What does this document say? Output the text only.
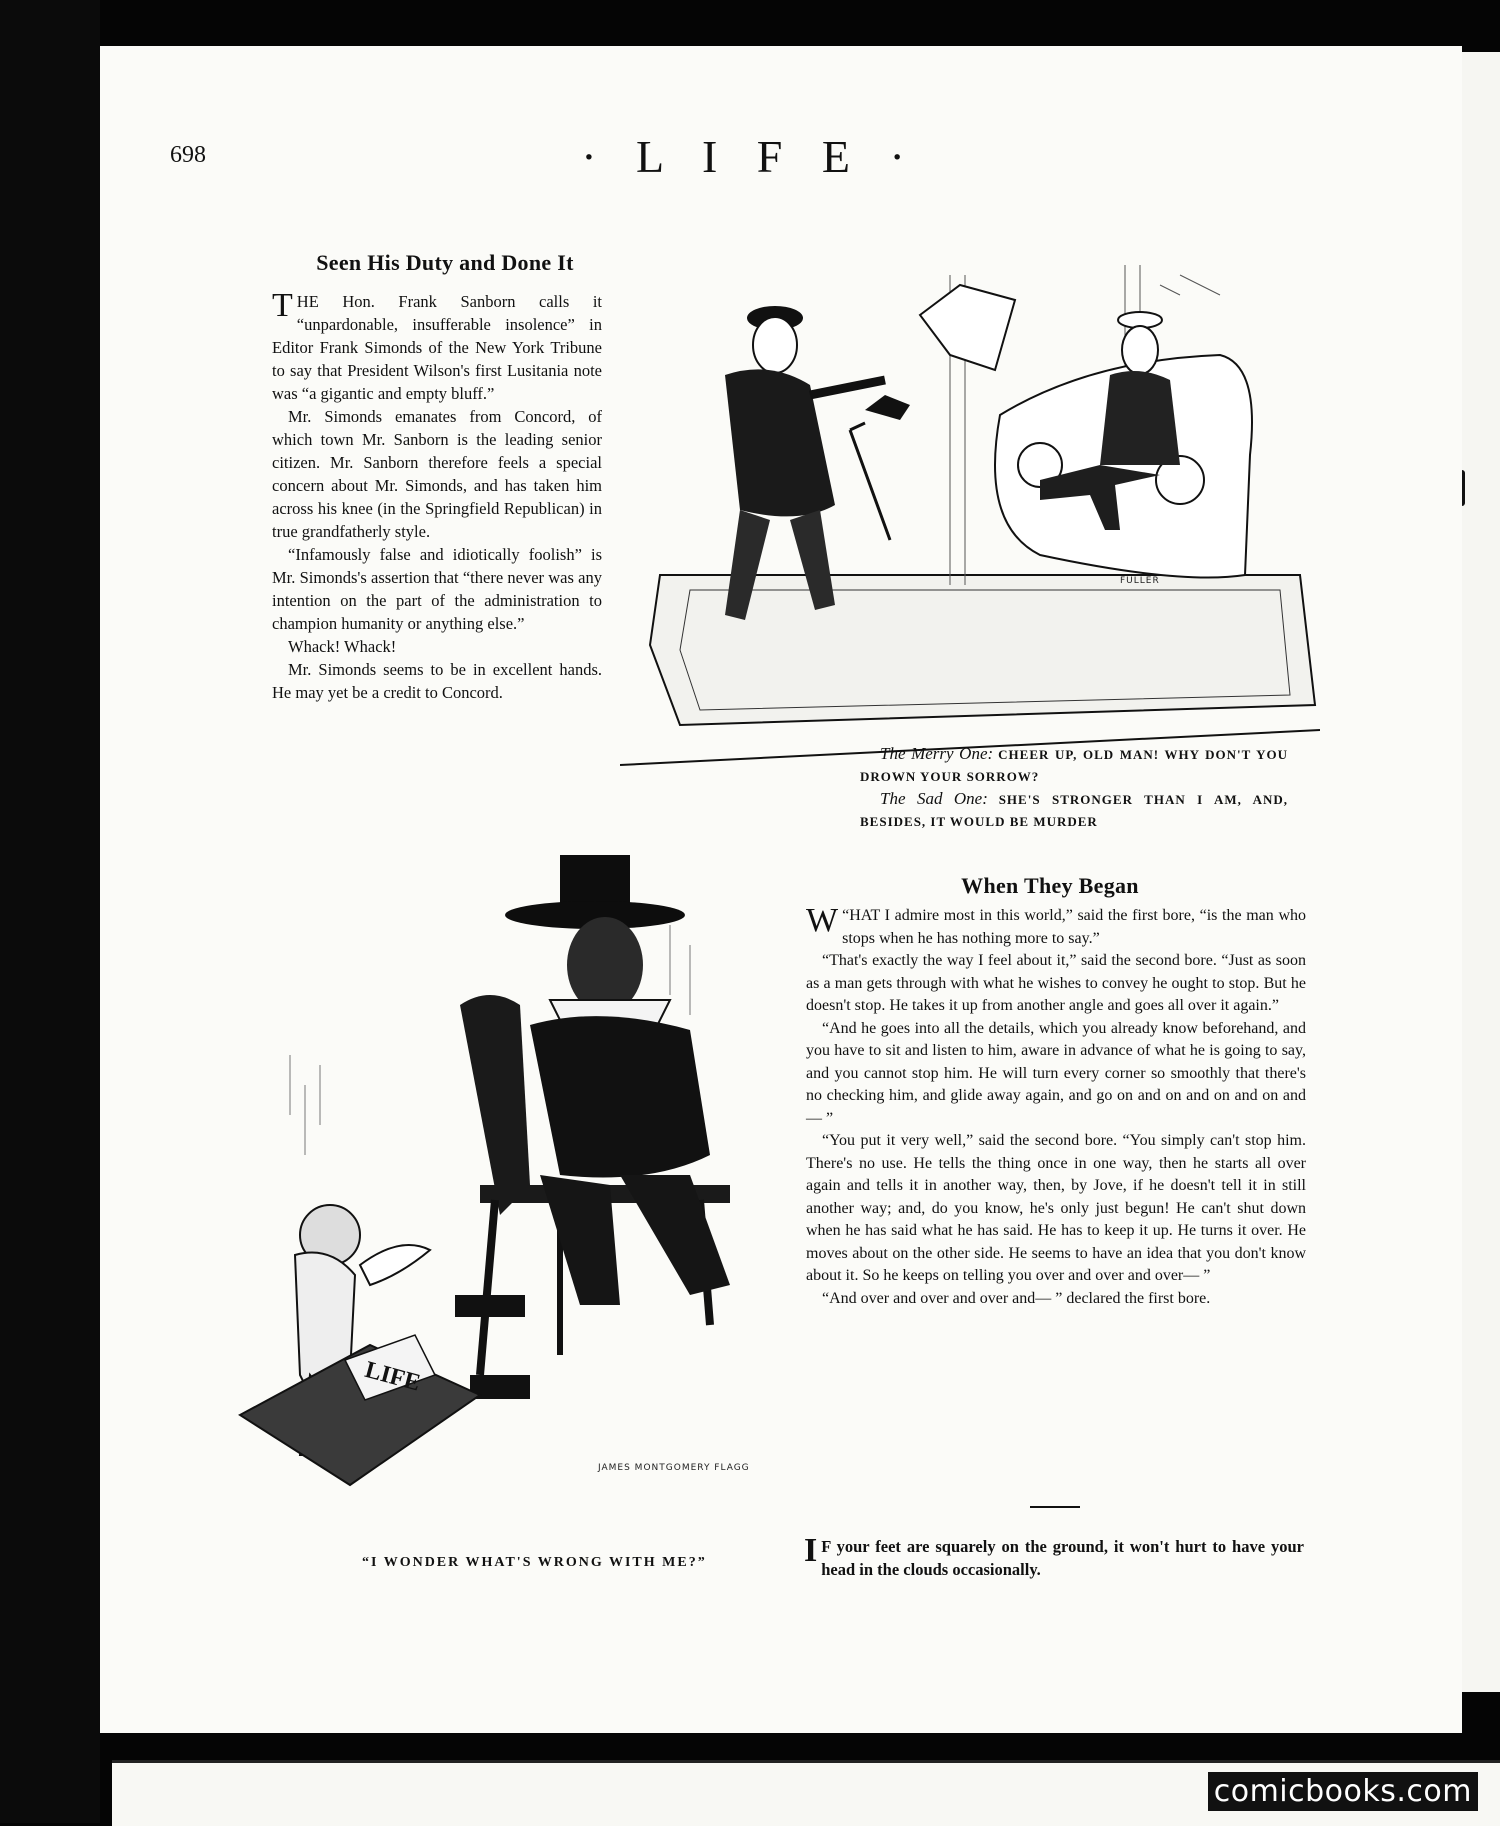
698	· L I F E ·
Seen His Duty and Done It

THE Hon. Frank Sanborn calls it “unpardonable, insufferable insolence” in Editor Frank Simonds of the New York Tribune to say that President Wilson's first Lusitania note was “a gigantic and empty bluff.”

Mr. Simonds emanates from Concord, of which town Mr. Sanborn is the leading senior citizen. Mr. Sanborn therefore feels a special concern about Mr. Simonds, and has taken him across his knee (in the Springfield Republican) in true grandfatherly style.

“Infamously false and idiotically foolish” is Mr. Simonds's assertion that “there never was any intention on the part of the administration to champion humanity or anything else.”

Whack! Whack!

Mr. Simonds seems to be in excellent hands. He may yet be a credit to Concord.

FULLER

The Merry One: CHEER UP, OLD MAN! WHY DON'T YOU DROWN YOUR SORROW?

The Sad One: SHE'S STRONGER THAN I AM, AND, BESIDES, IT WOULD BE MURDER

LIFE
JAMES MONTGOMERY FLAGG
“I WONDER WHAT'S WRONG WITH ME?”
When They Began

W “HAT I admire most in this world,” said the first bore, “is the man who stops when he has nothing more to say.”

“That's exactly the way I feel about it,” said the second bore. “Just as soon as a man gets through with what he wishes to convey he ought to stop. But he doesn't stop. He takes it up from another angle and goes all over it again.”

“And he goes into all the details, which you already know beforehand, and you have to sit and listen to him, aware in advance of what he is going to say, and you cannot stop him. He will turn every corner so smoothly that there's no checking him, and glide away again, and go on and on and on and on and— ”

“You put it very well,” said the second bore. “You simply can't stop him. There's no use. He tells the thing once in one way, then he starts all over again and tells it in another way, then, by Jove, if he doesn't tell it in still another way; and, do you know, he's only just begun! He can't shut down when he has said what he has said. He has to keep it up. He turns it over. He moves about on the other side. He seems to have an idea that you don't know about it. So he keeps on telling you over and over and over— ”

“And over and over and over and— ” declared the first bore.

I F your feet are squarely on the ground, it won't hurt to have your head in the clouds occasionally.

comicbooks.com
